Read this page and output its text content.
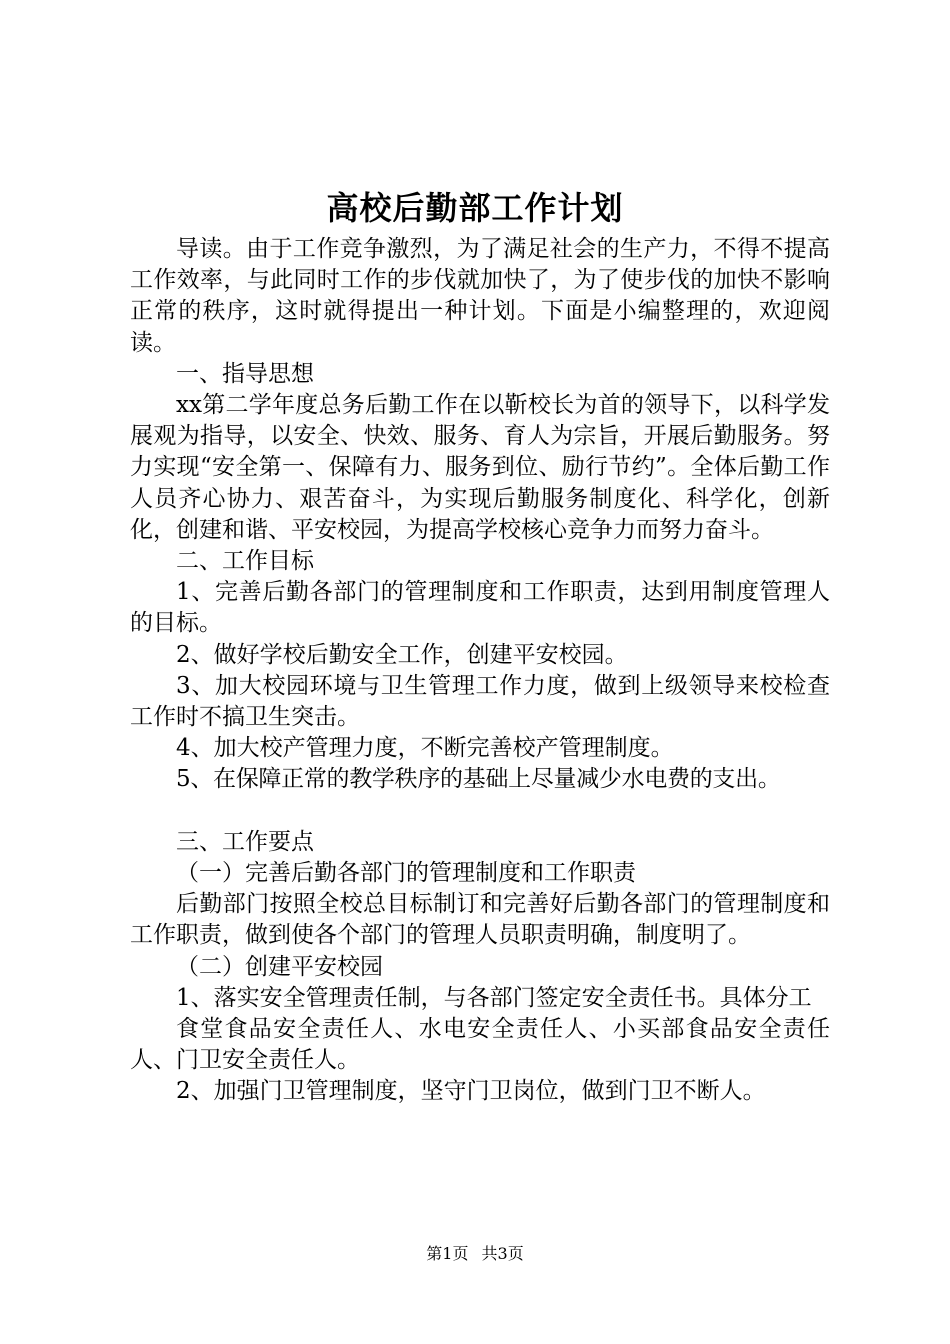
高校后勤部工作计划

导读。由于工作竞争激烈，为了满足社会的生产力，不得不提高工作效率，与此同时工作的步伐就加快了，为了使步伐的加快不影响正常的秩序，这时就得提出一种计划。下面是小编整理的，欢迎阅读。

一、指导思想

xx第二学年度总务后勤工作在以靳校长为首的领导下，以科学发展观为指导，以安全、快效、服务、育人为宗旨，开展后勤服务。努力实现“安全第一、保障有力、服务到位、励行节约”。全体后勤工作人员齐心协力、艰苦奋斗，为实现后勤服务制度化、科学化，创新化，创建和谐、平安校园，为提高学校核心竞争力而努力奋斗。

二、工作目标

1、完善后勤各部门的管理制度和工作职责，达到用制度管理人的目标。

2、做好学校后勤安全工作，创建平安校园。

3、加大校园环境与卫生管理工作力度，做到上级领导来校检查工作时不搞卫生突击。

4、加大校产管理力度，不断完善校产管理制度。

5、在保障正常的教学秩序的基础上尽量减少水电费的支出。

三、工作要点

（一）完善后勤各部门的管理制度和工作职责

后勤部门按照全校总目标制订和完善好后勤各部门的管理制度和工作职责，做到使各个部门的管理人员职责明确，制度明了。

（二）创建平安校园

1、落实安全管理责任制，与各部门签定安全责任书。具体分工

食堂食品安全责任人、水电安全责任人、小买部食品安全责任人、门卫安全责任人。

2、加强门卫管理制度，坚守门卫岗位，做到门卫不断人。

第1页 共3页
